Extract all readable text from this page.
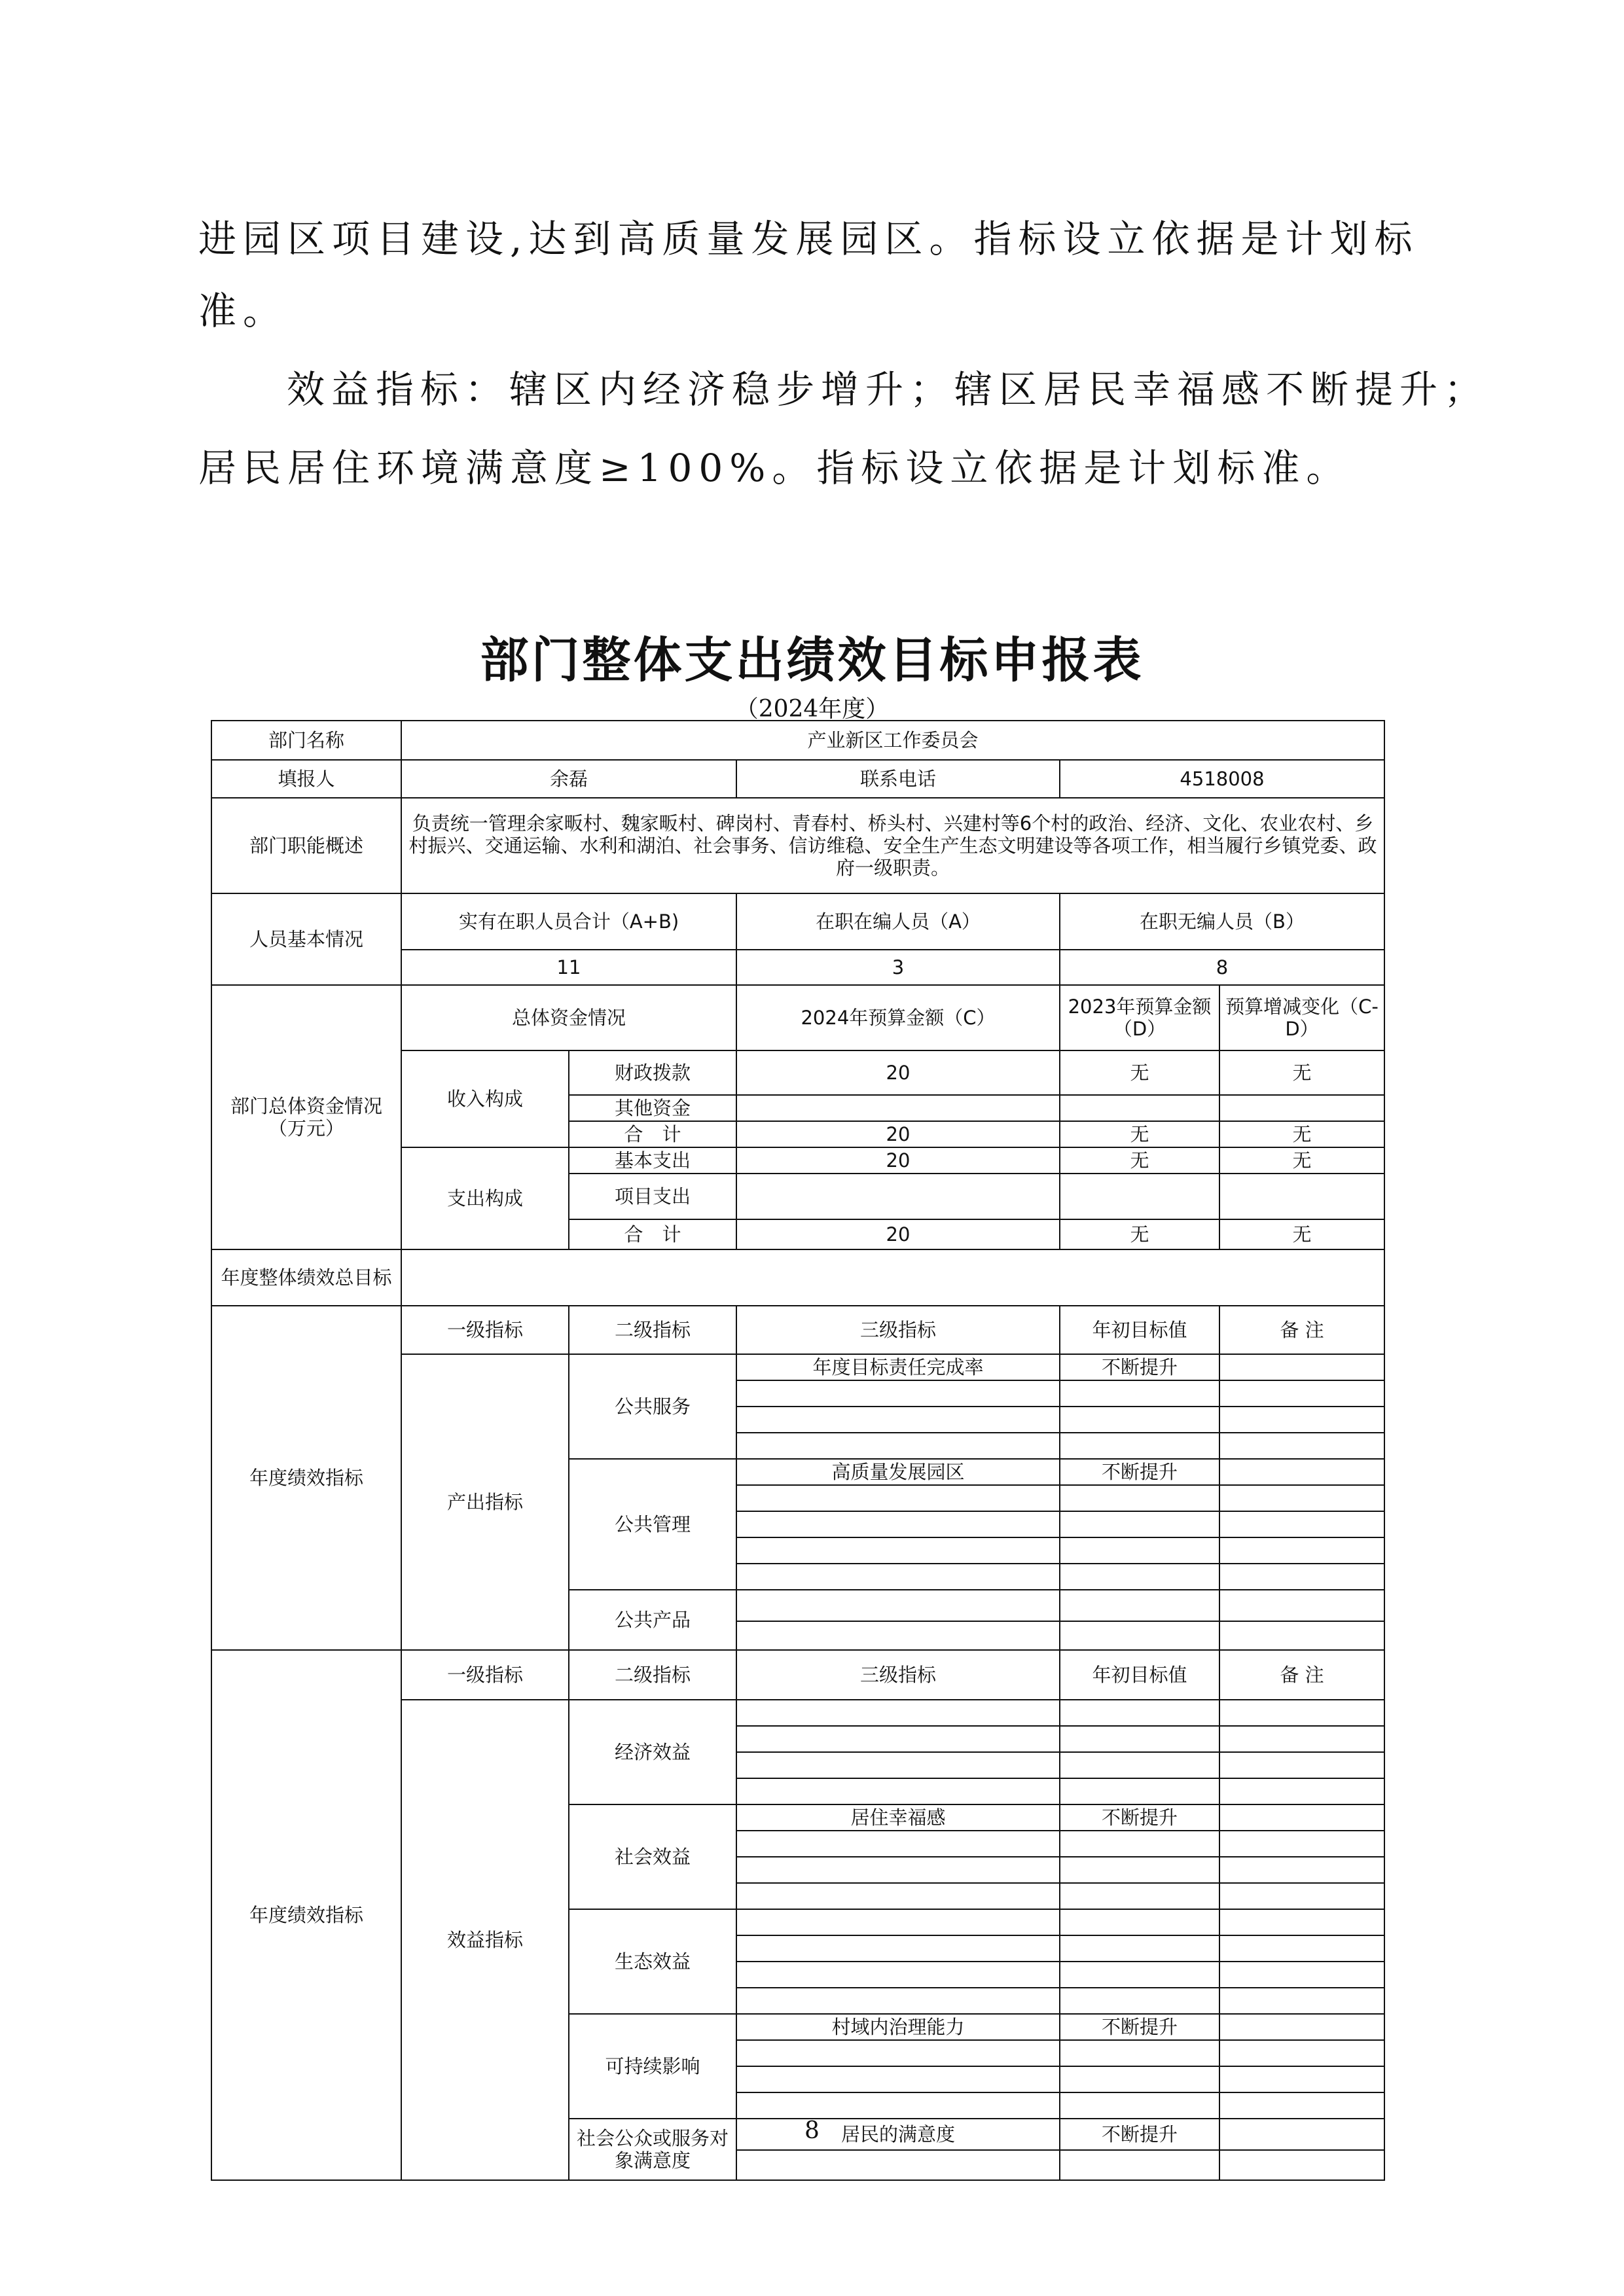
进园区项目建设,达到高质量发展园区。指标设立依据是计划标
准。
效益指标：辖区内经济稳步增升；辖区居民幸福感不断提升；
居民居住环境满意度≥100%。指标设立依据是计划标准。
部门整体支出绩效目标申报表
（2024年度）
部门名称	产业新区工作委员会				
填报人	余磊		联系电话	4518008	
部门职能概述	负责统一管理余家畈村、魏家畈村、碑岗村、青春村、桥头村、兴建村等6个村的政治、经济、文化、农业农村、乡村振兴、交通运输、水利和湖泊、社会事务、信访维稳、安全生产生态文明建设等各项工作，相当履行乡镇党委、政府一级职责。				
人员基本情况	实有在职人员合计（A+B)		在职在编人员（A）	在职无编人员（B）	
	11		3	8	
部门总体资金情况（万元）	总体资金情况		2024年预算金额（C）	2023年预算金额（D）	预算增减变化（C-D）
	收入构成	财政拨款	20	无	无
		其他资金			
		合　计	20	无	无
	支出构成	基本支出	20	无	无
		项目支出			
		合　计	20	无	无
年度整体绩效总目标					
年度绩效指标	一级指标	二级指标	三级指标	年初目标值	备 注
	产出指标	公共服务	年度目标责任完成率	不断提升	

		公共管理	高质量发展园区	不断提升	

		公共产品			

年度绩效指标	一级指标	二级指标	三级指标	年初目标值	备 注
	效益指标	经济效益			

		社会效益	居住幸福感	不断提升	

		生态效益			

		可持续影响	村域内治理能力	不断提升	

		社会公众或服务对象满意度	居民的满意度	不断提升	

8
